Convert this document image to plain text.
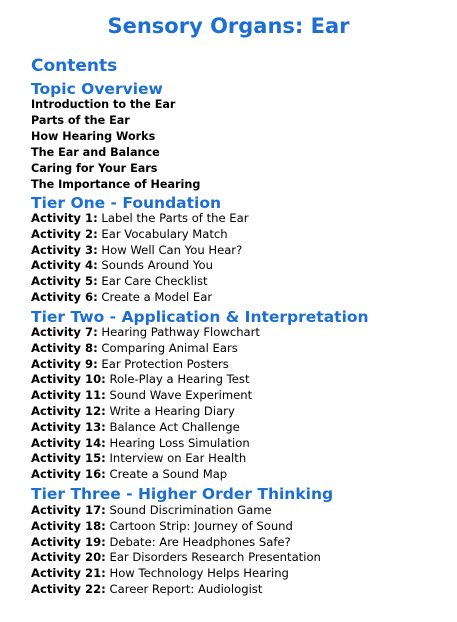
Sensory Organs: Ear
Contents
Topic Overview
Introduction to the Ear
Parts of the Ear
How Hearing Works
The Ear and Balance
Caring for Your Ears
The Importance of Hearing
Tier One - Foundation
Activity 1: Label the Parts of the Ear
Activity 2: Ear Vocabulary Match
Activity 3: How Well Can You Hear?
Activity 4: Sounds Around You
Activity 5: Ear Care Checklist
Activity 6: Create a Model Ear
Tier Two - Application & Interpretation
Activity 7: Hearing Pathway Flowchart
Activity 8: Comparing Animal Ears
Activity 9: Ear Protection Posters
Activity 10: Role-Play a Hearing Test
Activity 11: Sound Wave Experiment
Activity 12: Write a Hearing Diary
Activity 13: Balance Act Challenge
Activity 14: Hearing Loss Simulation
Activity 15: Interview on Ear Health
Activity 16: Create a Sound Map
Tier Three - Higher Order Thinking
Activity 17: Sound Discrimination Game
Activity 18: Cartoon Strip: Journey of Sound
Activity 19: Debate: Are Headphones Safe?
Activity 20: Ear Disorders Research Presentation
Activity 21: How Technology Helps Hearing
Activity 22: Career Report: Audiologist
